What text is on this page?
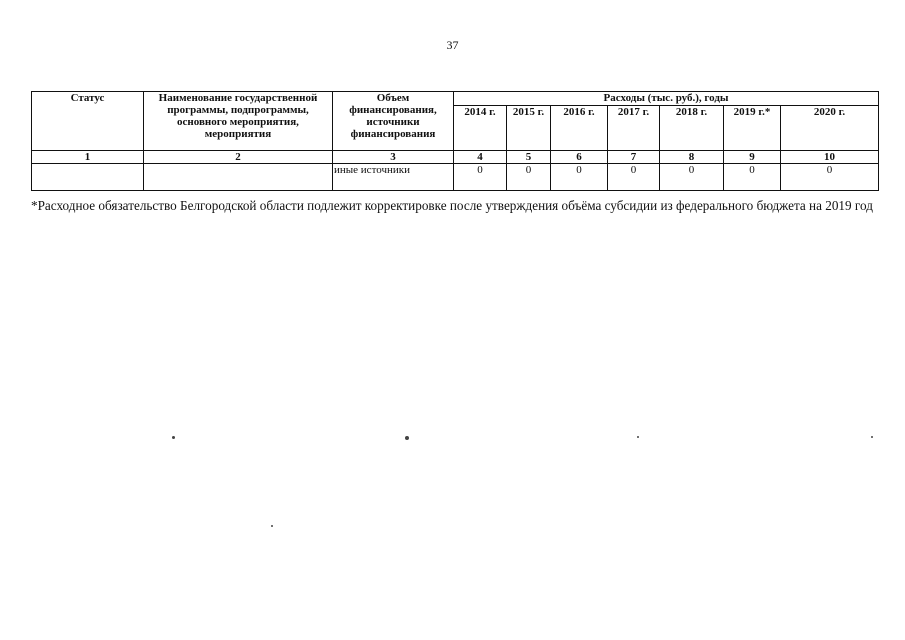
37
Статус	Наименование государственной программы, подпрограммы, основного мероприятия, мероприятия	Объем финансирования, источники финансирования	Расходы (тыс. руб.), годы						
			2014 г.	2015 г.	2016 г.	2017 г.	2018 г.	2019 г.*	2020 г.
1	2	3	4	5	6	7	8	9	10
		иные источники	0	0	0	0	0	0	0
*Расходное обязательство Белгородской области подлежит корректировке после утверждения объёма субсидии из федерального бюджета на 2019 год
